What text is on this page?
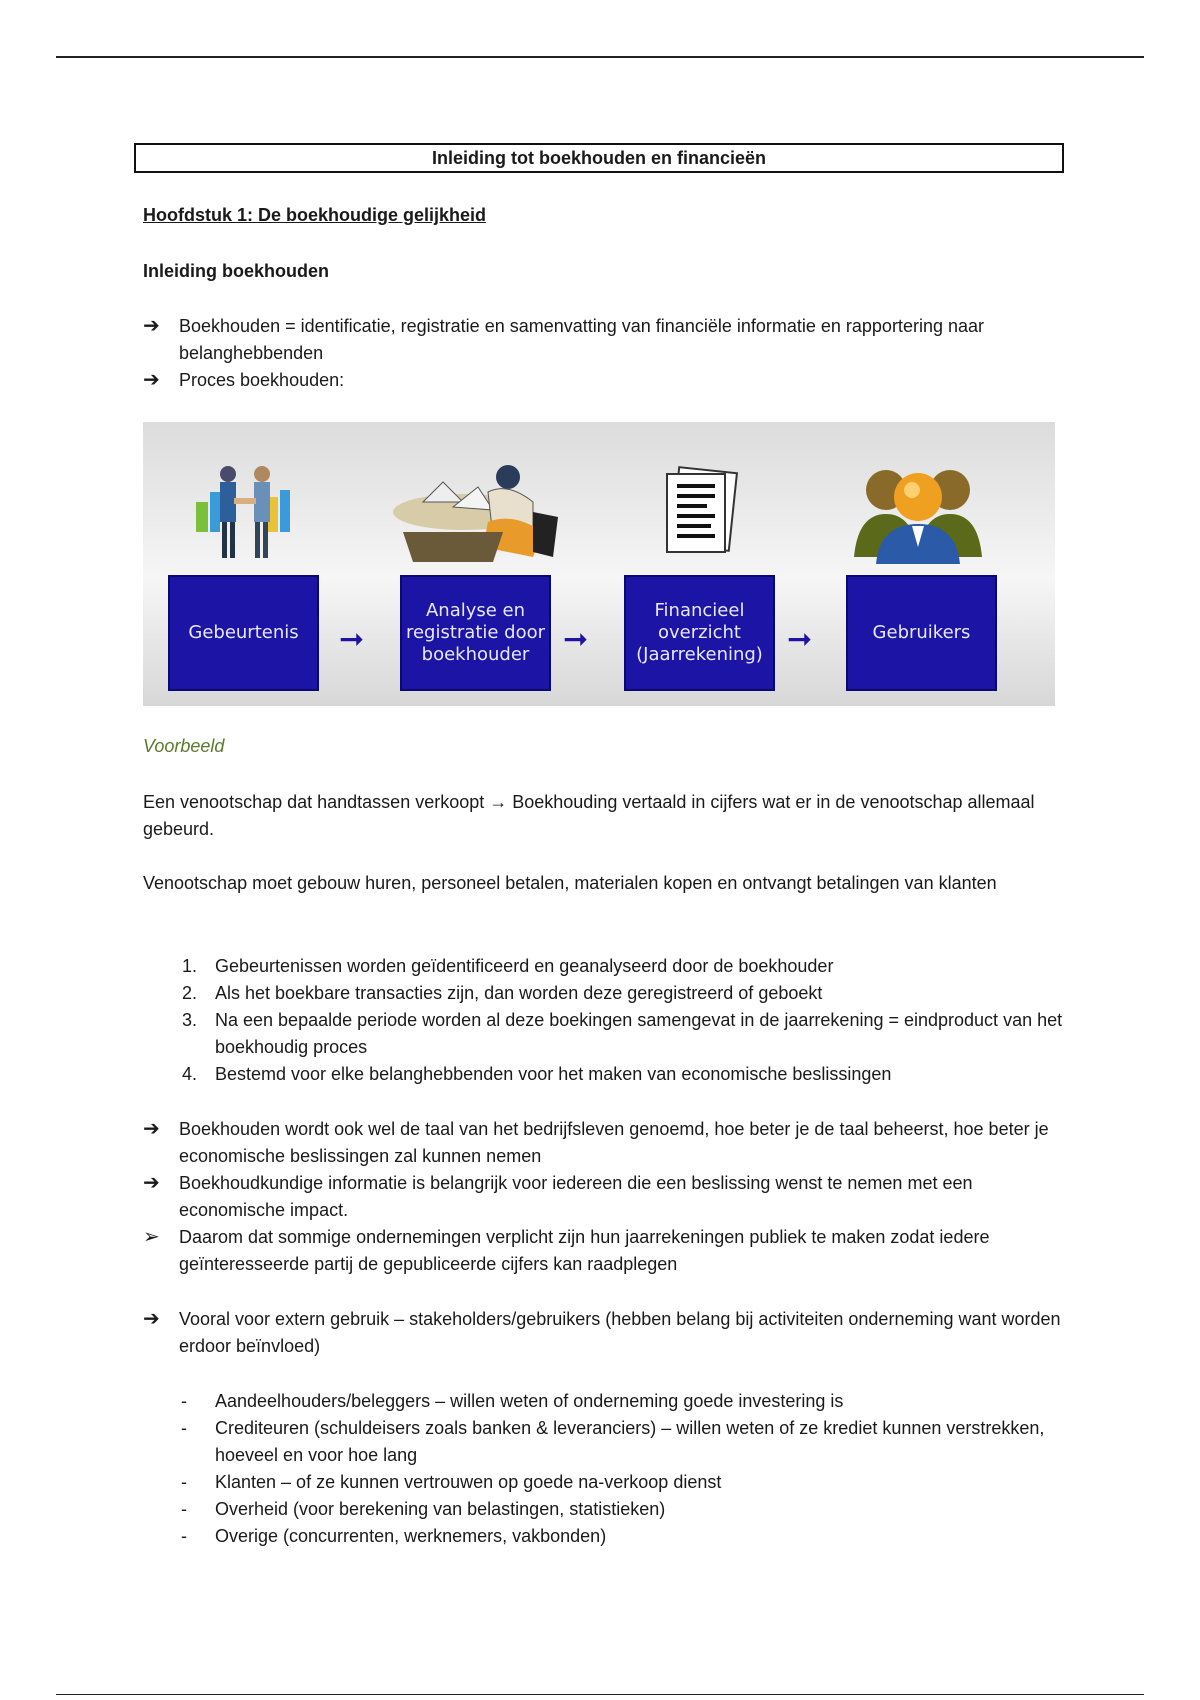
Inleiding tot boekhouden en financieën
Hoofdstuk 1: De boekhoudige gelijkheid
Inleiding boekhouden
➔	Boekhouden = identificatie, registratie en samenvatting van financiële informatie en rapportering naar belanghebbenden
➔	Proces boekhouden:
Gebeurtenis	➞
Analyse en registratie door boekhouder	➞
Financieel overzicht (Jaarrekening) ➞	Gebruikers
Voorbeeld
Een venootschap dat handtassen verkoopt → Boekhouding vertaald in cijfers wat er in de venootschap allemaal gebeurd.
Venootschap moet gebouw huren, personeel betalen, materialen kopen en ontvangt betalingen van klanten
1.	Gebeurtenissen worden geïdentificeerd en geanalyseerd door de boekhouder
2.	Als het boekbare transacties zijn, dan worden deze geregistreerd of geboekt
3.	Na een bepaalde periode worden al deze boekingen samengevat in de jaarrekening = eindproduct van het boekhoudig proces
4.	Bestemd voor elke belanghebbenden voor het maken van economische beslissingen
➔	Boekhouden wordt ook wel de taal van het bedrijfsleven genoemd, hoe beter je de taal beheerst, hoe beter je economische beslissingen zal kunnen nemen
➔	Boekhoudkundige informatie is belangrijk voor iedereen die een beslissing wenst te nemen met een economische impact.
➢	Daarom dat sommige ondernemingen verplicht zijn hun jaarrekeningen publiek te maken zodat iedere geïnteresseerde partij de gepubliceerde cijfers kan raadplegen
➔	Vooral voor extern gebruik – stakeholders/gebruikers (hebben belang bij activiteiten onderneming want worden erdoor beïnvloed)
-	Aandeelhouders/beleggers – willen weten of onderneming goede investering is
-	Crediteuren (schuldeisers zoals banken & leveranciers) – willen weten of ze krediet kunnen verstrekken, hoeveel en voor hoe lang
-	Klanten – of ze kunnen vertrouwen op goede na-verkoop dienst
-	Overheid (voor berekening van belastingen, statistieken)
-	Overige (concurrenten, werknemers, vakbonden)
